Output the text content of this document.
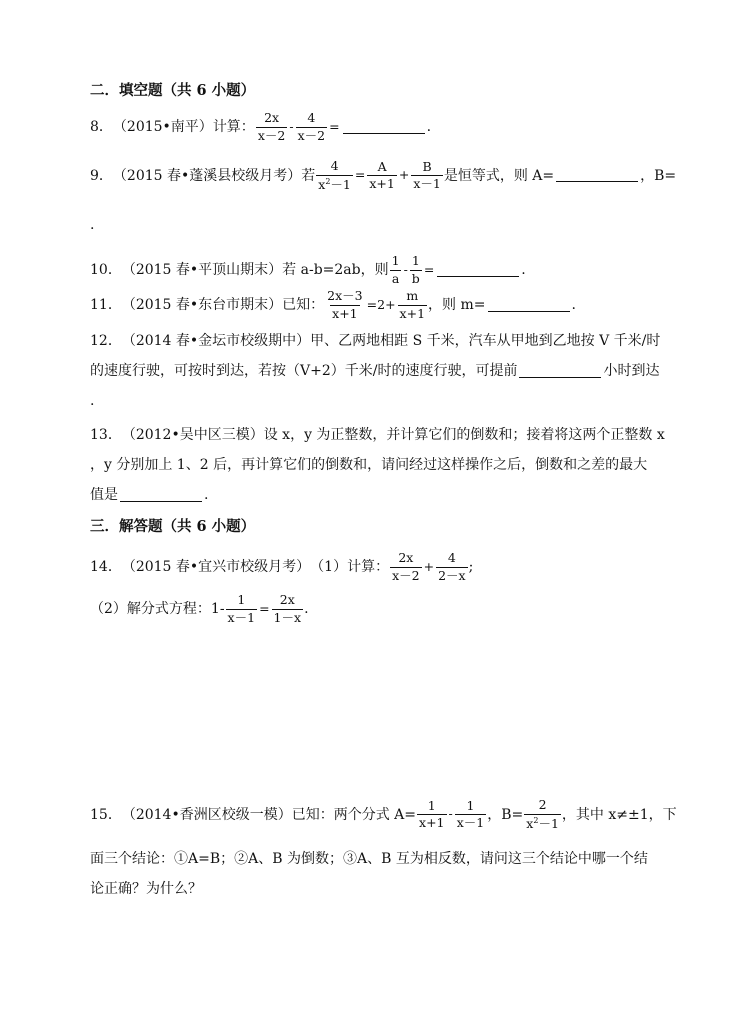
二．填空题（共 6 小题）
8． （2015•南平） 计算： $\frac{2x}{x-2} - \frac{4}{x-2}$ =	.
9． （2015 春•蓬溪县校级月考） 若 $\frac{4}{x^2-1} = \frac{A}{x+1} + \frac{B}{x-1}$ 是恒等式，则 A=	，B=
.
10． （2015 春•平顶山期末） 若 a-b=2ab，则 $\frac{1}{a} - \frac{1}{b}$ =	.
11． （2015 春•东台市期末） 已知： $\frac{2x-3}{x+1} =2+ \frac{m}{x+1}$ ，则 m=	.
12． （2014 春•金坛市校级期中） 甲、乙两地相距 S 千米，汽车从甲地到乙地按 V 千米/时
的速度行驶，可按时到达，若按（V+2）千米/时的速度行驶，可提前	小时到达
.
13． （2012•吴中区三模） 设 x，y 为正整数，并计算它们的倒数和；接着将这两个正整数 x
，y 分别加上 1、2 后，再计算它们的倒数和，请问经过这样操作之后，倒数和之差的最大
值是	.
三．解答题（共 6 小题）
14． （2015 春•宜兴市校级月考） （1）计算： $\frac{2x}{x-2} + \frac{4}{2-x}$ ;
（2）解分式方程：$1- \frac{1}{x-1} = \frac{2x}{1-x}$ .
15． （2014•香洲区校级一模） 已知：两个分式 $A= \frac{1}{x+1} - \frac{1}{x-1}$ ，$B= \frac{2}{x^2-1}$ ，其中 x≠±1，下
面三个结论：①A=B；②A、B 为倒数；③A、B 互为相反数，请问这三个结论中哪一个结
论正确？为什么？
